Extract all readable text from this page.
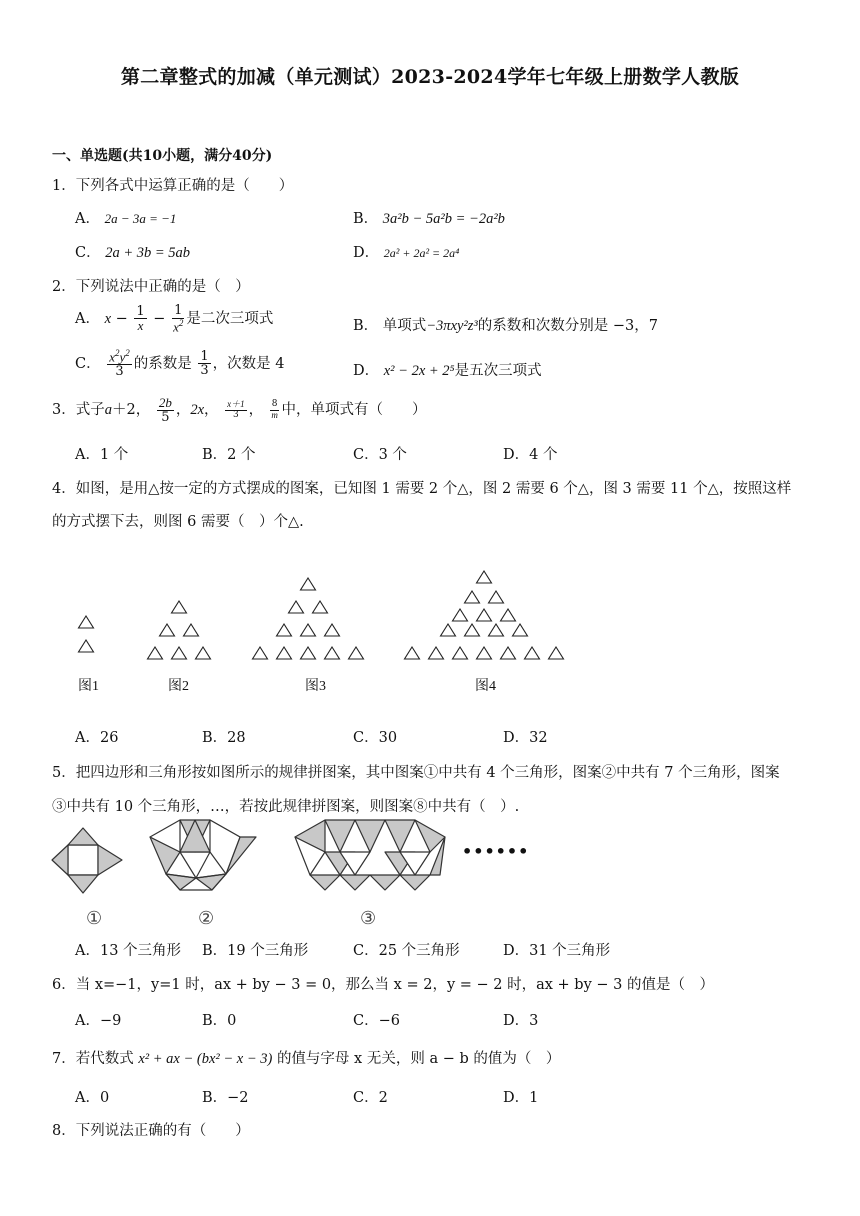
第二章整式的加减（单元测试）2023-2024学年七年级上册数学人教版
一、单选题(共10小题，满分40分)
1．下列各式中运算正确的是（　　）
A． 2a − 3a = −1	B． 3a²b − 5a²b = −2a²b
C． 2a + 3b = 5ab	D． 2a² + 2a² = 2a⁴
2．下列说法中正确的是（　）
A． $x - \frac{1}{x} - \frac{1}{x^2}$ 是二次三项式	B． 单项式−3πxy²z³的系数和次数分别是 −3，7
C． $\frac{x^2y^2}{3}$ 的系数是 $\frac{1}{3}$ ，次数是 4	D． x² − 2x + 2⁵是五次三项式
3．式子a＋2， $\frac{2b}{5}$ ，2x， $\frac{x+1}{3}$ ， $\frac{8}{m}$ 中，单项式有（　　）
A．1 个	B．2 个	C．3 个	D．4 个
4．如图，是用△按一定的方式摆成的图案，已知图 1 需要 2 个△，图 2 需要 6 个△，图 3 需要 11 个△，按照这样
的方式摆下去，则图 6 需要（　）个△.
图1	图2	图3	图4
A．26	B．28	C．30	D．32
5．把四边形和三角形按如图所示的规律拼图案，其中图案①中共有 4 个三角形，图案②中共有 7 个三角形，图案
③中共有 10 个三角形，…，若按此规律拼图案，则图案⑧中共有（　）.
••••••
①	②	③
A．13 个三角形 B．19 个三角形	C．25 个三角形	D．31 个三角形
6．当 x=−1，y=1 时，ax + by − 3 = 0，那么当 x = 2，y = − 2 时，ax + by − 3 的值是（　）
A．−9	B．0	C．−6	D．3
7．若代数式 x² + ax − (bx² − x − 3) 的值与字母 x 无关，则 a − b 的值为（　）
A．0	B．−2	C．2	D．1
8．下列说法正确的有（　　）
